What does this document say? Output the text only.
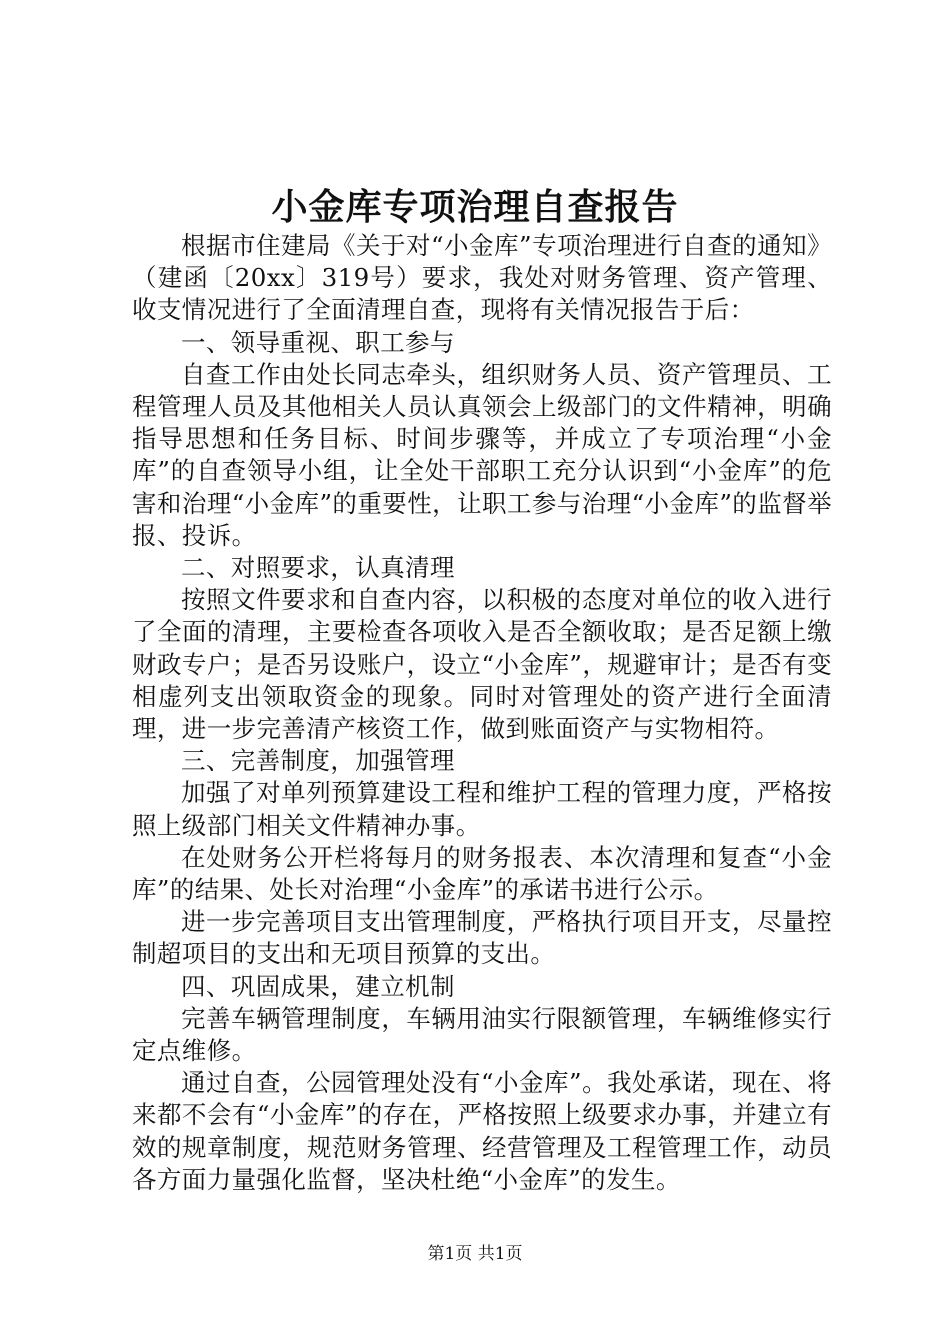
小金库专项治理自查报告

根据市住建局《关于对“小金库”专项治理进行自查的通知》（建函〔20xx〕319号）要求，我处对财务管理、资产管理、收支情况进行了全面清理自查，现将有关情况报告于后：

一、领导重视、职工参与

自查工作由处长同志牵头，组织财务人员、资产管理员、工程管理人员及其他相关人员认真领会上级部门的文件精神，明确指导思想和任务目标、时间步骤等，并成立了专项治理“小金库”的自查领导小组，让全处干部职工充分认识到“小金库”的危害和治理“小金库”的重要性，让职工参与治理“小金库”的监督举报、投诉。

二、对照要求，认真清理

按照文件要求和自查内容，以积极的态度对单位的收入进行了全面的清理，主要检查各项收入是否全额收取；是否足额上缴财政专户；是否另设账户，设立“小金库”，规避审计；是否有变相虚列支出领取资金的现象。同时对管理处的资产进行全面清理，进一步完善清产核资工作，做到账面资产与实物相符。

三、完善制度，加强管理

加强了对单列预算建设工程和维护工程的管理力度，严格按照上级部门相关文件精神办事。

在处财务公开栏将每月的财务报表、本次清理和复查“小金库”的结果、处长对治理“小金库”的承诺书进行公示。

进一步完善项目支出管理制度，严格执行项目开支，尽量控制超项目的支出和无项目预算的支出。

四、巩固成果，建立机制

完善车辆管理制度，车辆用油实行限额管理，车辆维修实行定点维修。

通过自查，公园管理处没有“小金库”。我处承诺，现在、将来都不会有“小金库”的存在，严格按照上级要求办事，并建立有效的规章制度，规范财务管理、经营管理及工程管理工作，动员各方面力量强化监督，坚决杜绝“小金库”的发生。

第1页 共1页
